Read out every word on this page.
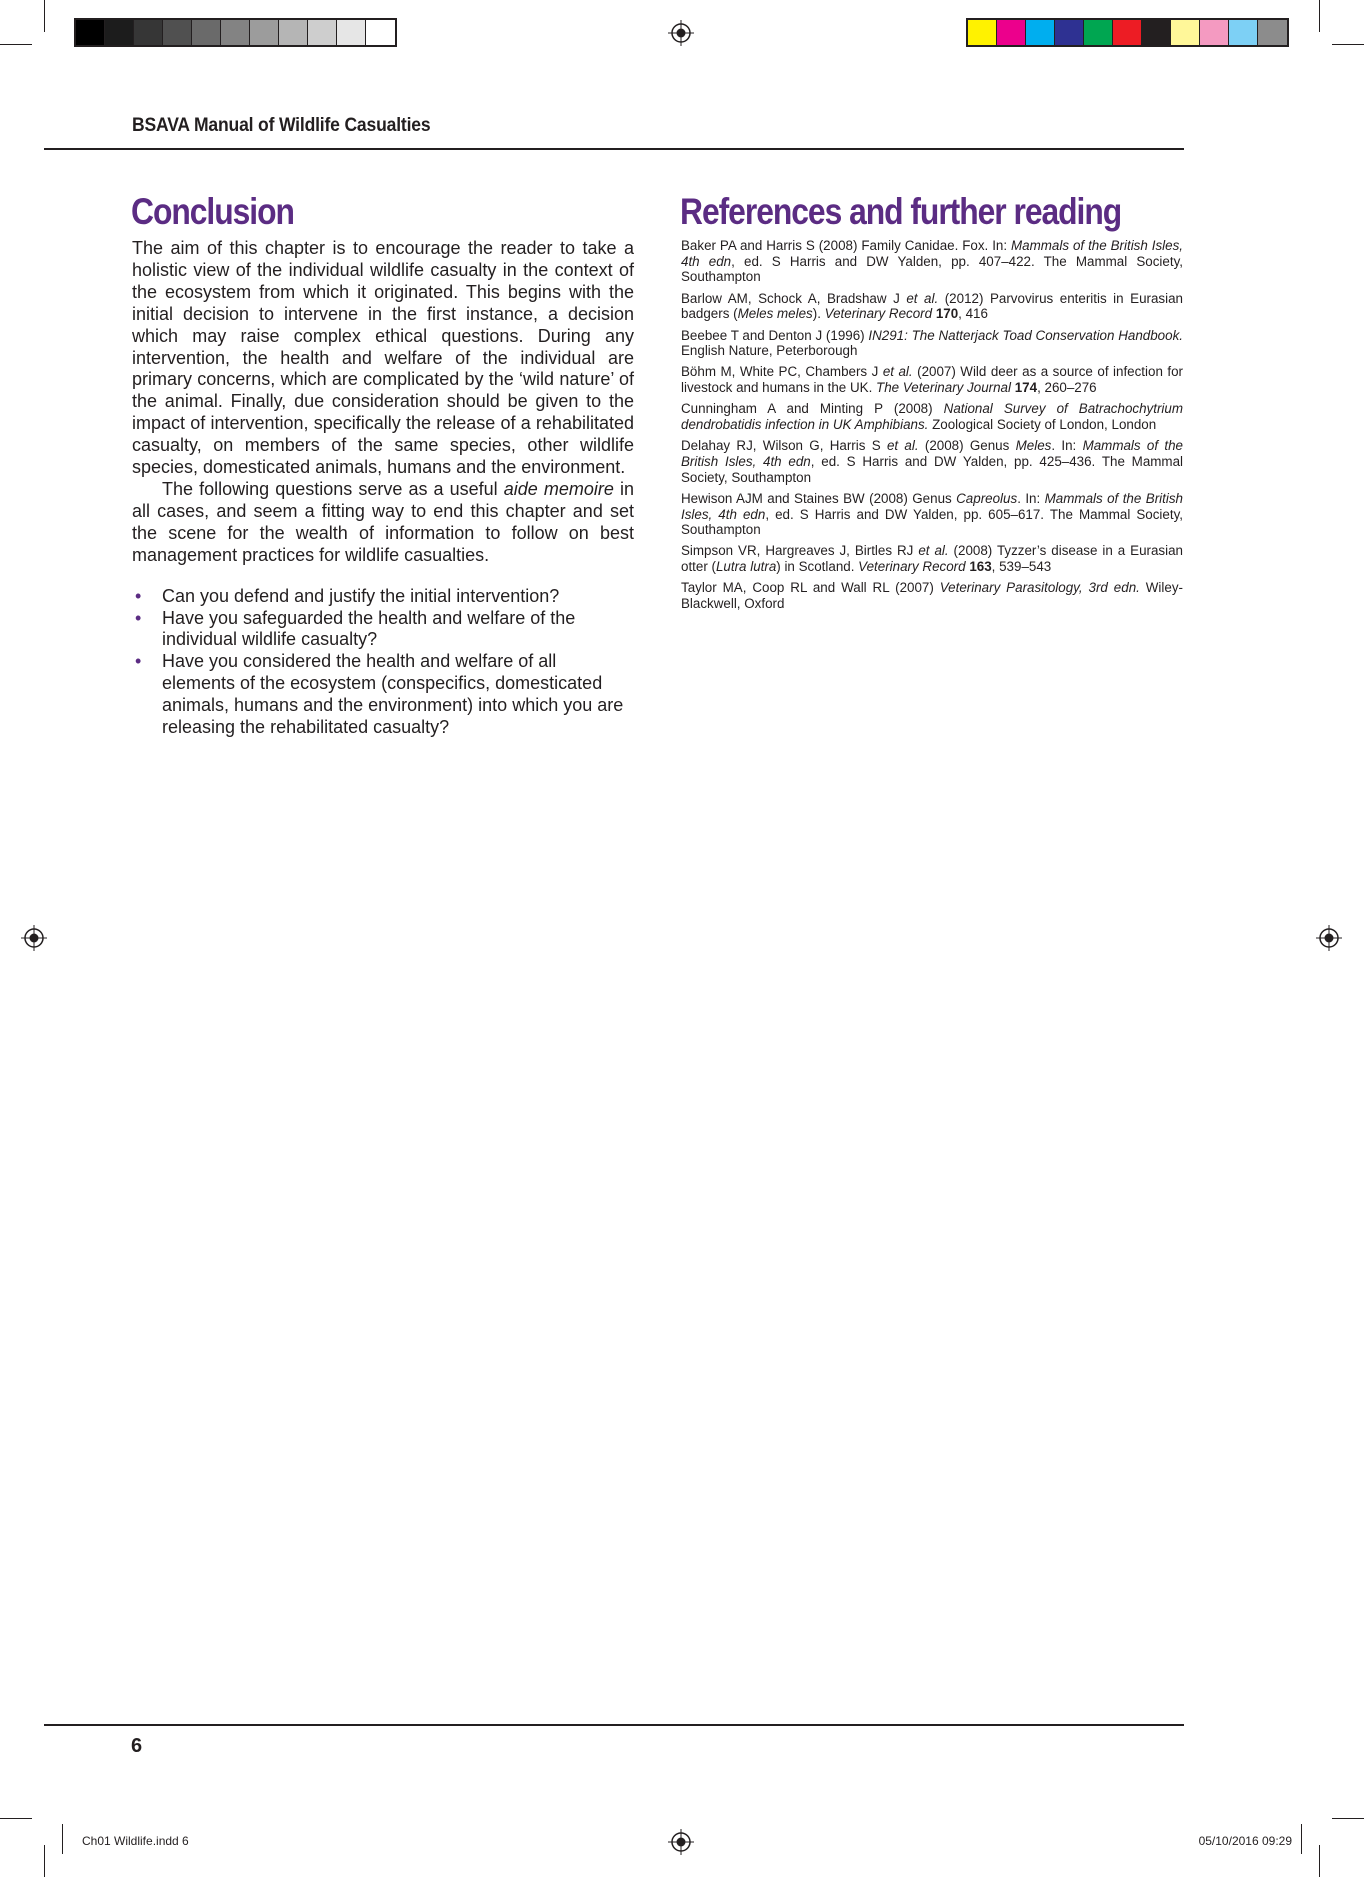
BSAVA Manual of Wildlife Casualties
Conclusion

The aim of this chapter is to encourage the reader to take a holistic view of the individual wildlife casualty in the context of the ecosystem from which it originated. This begins with the initial decision to intervene in the first instance, a decision which may raise complex ethical questions. During any intervention, the health and welfare of the individual are primary concerns, which are complicated by the ‘wild nature’ of the animal. Finally, due consideration should be given to the impact of intervention, specifically the release of a rehabilitated casualty, on members of the same species, other wildlife species, domesticated animals, humans and the environment.

The following questions serve as a useful aide memoire in all cases, and seem a fitting way to end this chapter and set the scene for the wealth of information to follow on best management practices for wildlife casualties.

• Can you defend and justify the initial intervention?
• Have you safeguarded the health and welfare of the individual wildlife casualty?
• Have you considered the health and welfare of all elements of the ecosystem (conspecifics, domesticated animals, humans and the environment) into which you are releasing the rehabilitated casualty?
References and further reading

Baker PA and Harris S (2008) Family Canidae. Fox. In: Mammals of the British Isles, 4th edn, ed. S Harris and DW Yalden, pp. 407–422. The Mammal Society, Southampton

Barlow AM, Schock A, Bradshaw J et al. (2012) Parvovirus enteritis in Eurasian badgers (Meles meles). Veterinary Record 170, 416

Beebee T and Denton J (1996) IN291: The Natterjack Toad Conservation Handbook. English Nature, Peterborough

Böhm M, White PC, Chambers J et al. (2007) Wild deer as a source of infection for livestock and humans in the UK. The Veterinary Journal 174, 260–276

Cunningham A and Minting P (2008) National Survey of Batrachochytrium dendrobatidis infection in UK Amphibians. Zoological Society of London, London

Delahay RJ, Wilson G, Harris S et al. (2008) Genus Meles. In: Mammals of the British Isles, 4th edn, ed. S Harris and DW Yalden, pp. 425–436. The Mammal Society, Southampton

Hewison AJM and Staines BW (2008) Genus Capreolus. In: Mammals of the British Isles, 4th edn, ed. S Harris and DW Yalden, pp. 605–617. The Mammal Society, Southampton

Simpson VR, Hargreaves J, Birtles RJ et al. (2008) Tyzzer’s disease in a Eurasian otter (Lutra lutra) in Scotland. Veterinary Record 163, 539–543

Taylor MA, Coop RL and Wall RL (2007) Veterinary Parasitology, 3rd edn. Wiley-Blackwell, Oxford

6
Ch01 Wildlife.indd 6	05/10/2016 09:29
